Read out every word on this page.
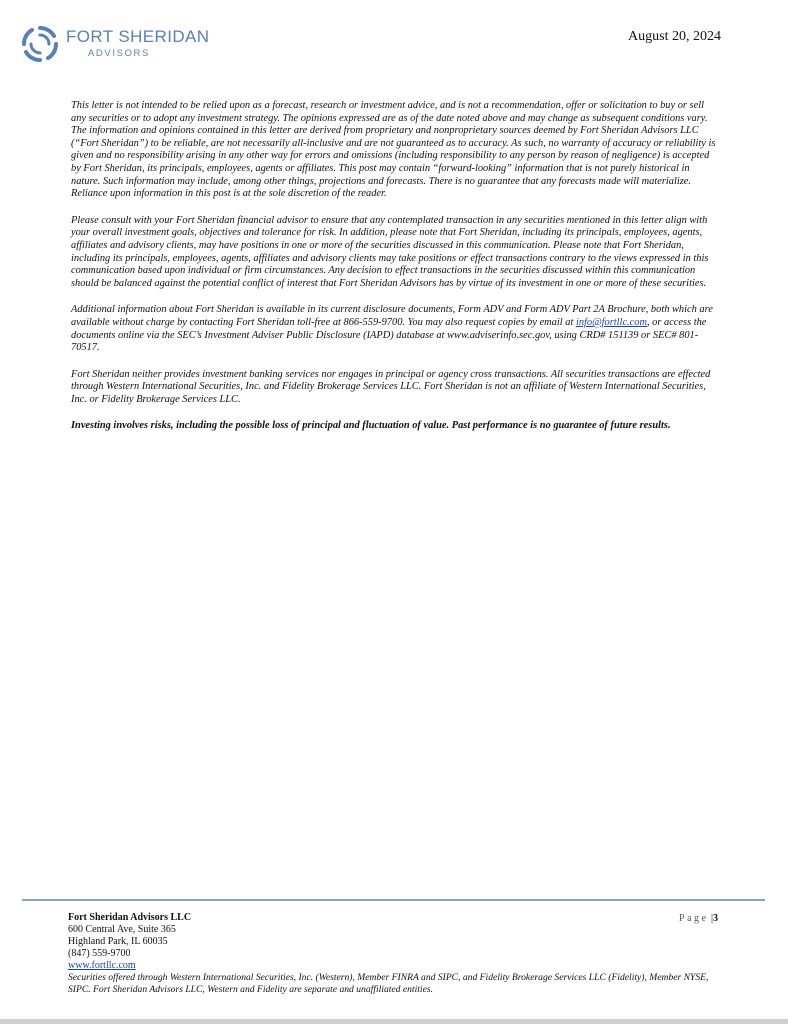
FORT SHERIDAN
ADVISORS
August 20, 2024

This letter is not intended to be relied upon as a forecast, research or investment advice, and is not a recommendation, offer or solicitation to buy or sell any securities or to adopt any investment strategy. The opinions expressed are as of the date noted above and may change as subsequent conditions vary. The information and opinions contained in this letter are derived from proprietary and nonproprietary sources deemed by Fort Sheridan Advisors LLC (“Fort Sheridan”) to be reliable, are not necessarily all-inclusive and are not guaranteed as to accuracy. As such, no warranty of accuracy or reliability is given and no responsibility arising in any other way for errors and omissions (including responsibility to any person by reason of negligence) is accepted by Fort Sheridan, its principals, employees, agents or affiliates. This post may contain “forward-looking” information that is not purely historical in nature. Such information may include, among other things, projections and forecasts. There is no guarantee that any forecasts made will materialize. Reliance upon information in this post is at the sole discretion of the reader.

Please consult with your Fort Sheridan financial advisor to ensure that any contemplated transaction in any securities mentioned in this letter align with your overall investment goals, objectives and tolerance for risk. In addition, please note that Fort Sheridan, including its principals, employees, agents, affiliates and advisory clients, may have positions in one or more of the securities discussed in this communication. Please note that Fort Sheridan, including its principals, employees, agents, affiliates and advisory clients may take positions or effect transactions contrary to the views expressed in this communication based upon individual or firm circumstances. Any decision to effect transactions in the securities discussed within this communication should be balanced against the potential conflict of interest that Fort Sheridan Advisors has by virtue of its investment in one or more of these securities.

Additional information about Fort Sheridan is available in its current disclosure documents, Form ADV and Form ADV Part 2A Brochure, both which are available without charge by contacting Fort Sheridan toll-free at 866-559-9700. You may also request copies by email at info@fortllc.com, or access the documents online via the SEC’s Investment Adviser Public Disclosure (IAPD) database at www.adviserinfo.sec.gov, using CRD# 151139 or SEC# 801-70517.

Fort Sheridan neither provides investment banking services nor engages in principal or agency cross transactions. All securities transactions are effected through Western International Securities, Inc. and Fidelity Brokerage Services LLC. Fort Sheridan is not an affiliate of Western International Securities, Inc. or Fidelity Brokerage Services LLC.

Investing involves risks, including the possible loss of principal and fluctuation of value. Past performance is no guarantee of future results.

Fort Sheridan Advisors LLC
600 Central Ave, Suite 365
Highland Park, IL 60035
(847) 559-9700
www.fortllc.com
Securities offered through Western International Securities, Inc. (Western), Member FINRA and SIPC, and Fidelity Brokerage Services LLC (Fidelity), Member NYSE, SIPC. Fort Sheridan Advisors LLC, Western and Fidelity are separate and unaffiliated entities.
Page |3
